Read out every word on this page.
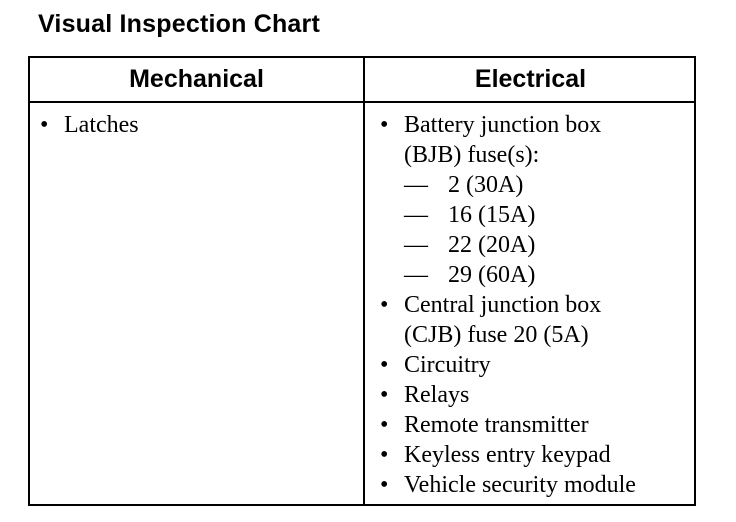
Visual Inspection Chart
Mechanical	Electrical
• Latches	• Battery junction box
(BJB) fuse(s):
— 2 (30A)
— 16 (15A)
— 22 (20A)
— 29 (60A)
• Central junction box
(CJB) fuse 20 (5A)
• Circuitry
• Relays
• Remote transmitter
• Keyless entry keypad
• Vehicle security module
